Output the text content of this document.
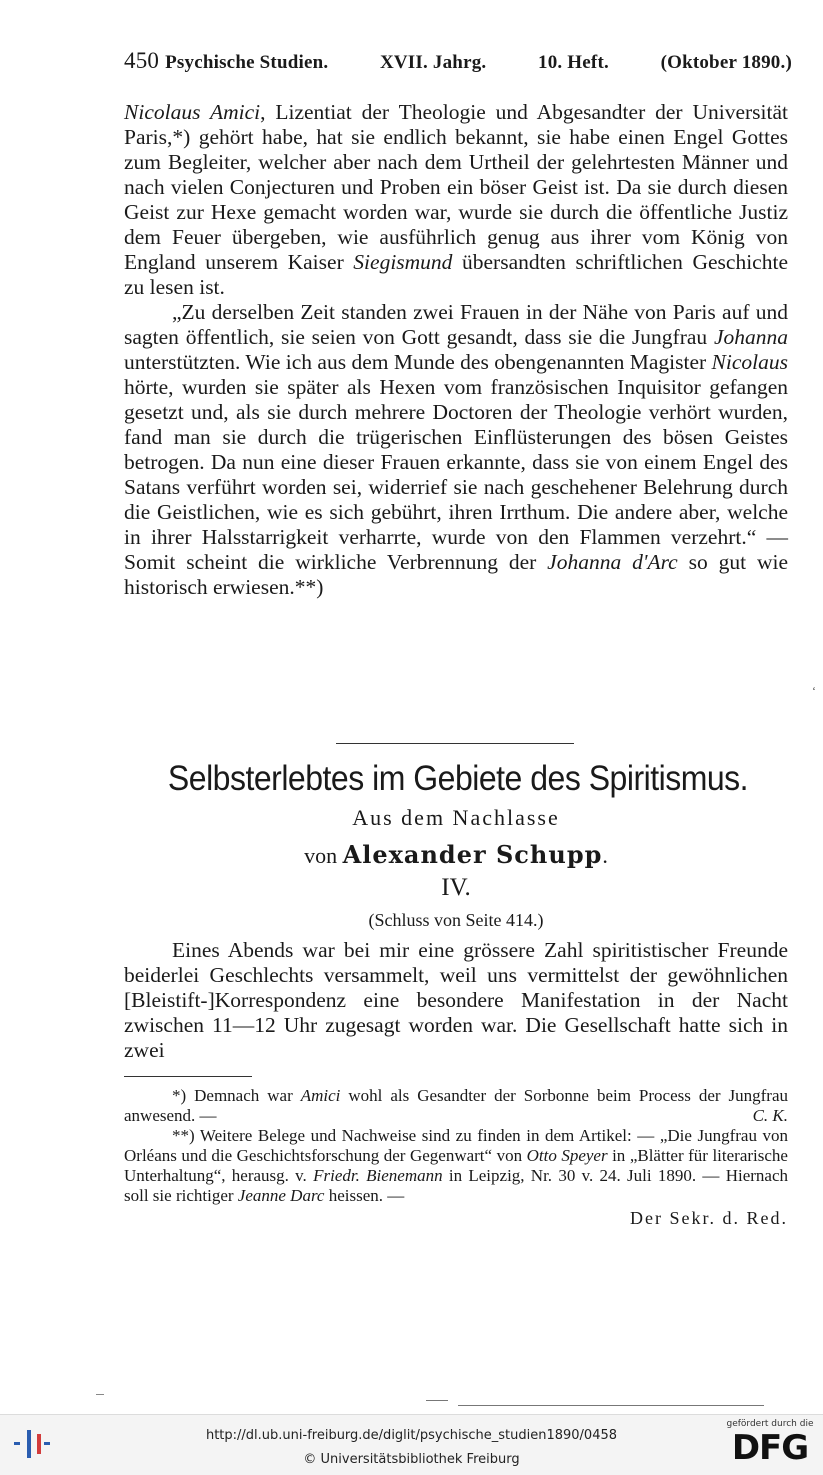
450 Psychische Studien.	XVII. Jahrg.	10. Heft.	(Oktober 1890.)

Nicolaus Amici, Lizentiat der Theologie und Abgesandter der Universität Paris,*) gehört habe, hat sie endlich bekannt, sie habe einen Engel Gottes zum Begleiter, welcher aber nach dem Urtheil der gelehrtesten Männer und nach vielen Conjecturen und Proben ein böser Geist ist. Da sie durch diesen Geist zur Hexe gemacht worden war, wurde sie durch die öffentliche Justiz dem Feuer übergeben, wie ausführlich genug aus ihrer vom König von England unserem Kaiser Siegismund übersandten schriftlichen Geschichte zu lesen ist.

„Zu derselben Zeit standen zwei Frauen in der Nähe von Paris auf und sagten öffentlich, sie seien von Gott gesandt, dass sie die Jungfrau Johanna unterstützten. Wie ich aus dem Munde des obengenannten Magister Nicolaus hörte, wurden sie später als Hexen vom französischen Inquisitor gefangen gesetzt und, als sie durch mehrere Doctoren der Theologie verhört wurden, fand man sie durch die trügerischen Einflüsterungen des bösen Geistes betrogen. Da nun eine dieser Frauen erkannte, dass sie von einem Engel des Satans verführt worden sei, widerrief sie nach geschehener Belehrung durch die Geistlichen, wie es sich gebührt, ihren Irrthum. Die andere aber, welche in ihrer Halsstarrigkeit verharrte, wurde von den Flammen verzehrt.“ — Somit scheint die wirkliche Verbrennung der Johanna d'Arc so gut wie historisch erwiesen.**)

‘
Selbsterlebtes im Gebiete des Spiritismus.
Aus dem Nachlasse
von Alexander Schupp.
IV.
(Schluss von Seite 414.)

Eines Abends war bei mir eine grössere Zahl spiritistischer Freunde beiderlei Geschlechts versammelt, weil uns vermittelst der gewöhnlichen [Bleistift-]Korrespondenz eine besondere Manifestation in der Nacht zwischen 11—12 Uhr zugesagt worden war. Die Gesellschaft hatte sich in zwei

*) Demnach war Amici wohl als Gesandter der Sorbonne beim Process der Jungfrau anwesend. —	C. K.

**) Weitere Belege und Nachweise sind zu finden in dem Artikel: — „Die Jungfrau von Orléans und die Geschichtsforschung der Gegenwart“ von Otto Speyer in „Blätter für literarische Unterhaltung“, herausg. v. Friedr. Bienemann in Leipzig, Nr. 30 v. 24. Juli 1890. — Hiernach soll sie richtiger Jeanne Darc heissen. —

Der Sekr. d. Red.
http://dl.ub.uni-freiburg.de/diglit/psychische_studien1890/0458
© Universitätsbibliothek Freiburg
gefördert durch die
DFG
